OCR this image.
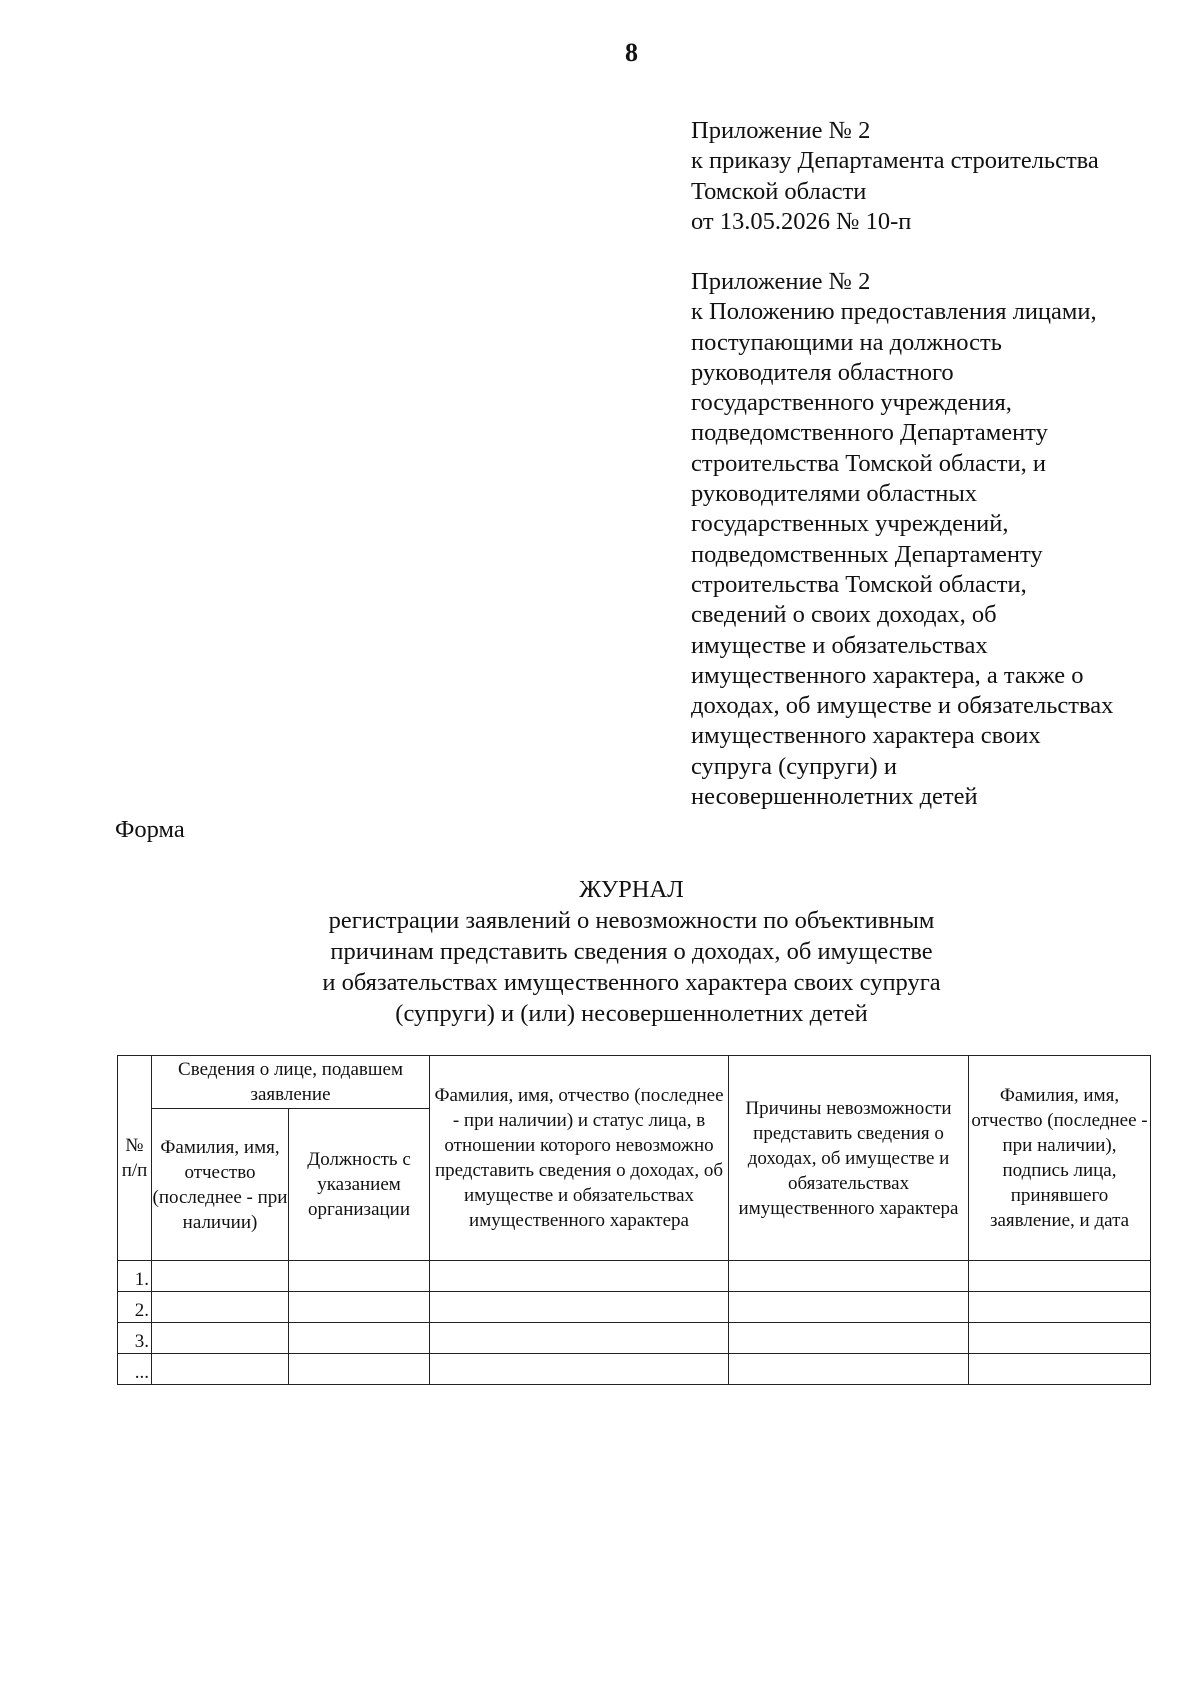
8
Приложение № 2
к приказу Департамента строительства
Томской области
от 13.05.2026 № 10-п
Приложение № 2
к Положению предоставления лицами,
поступающими на должность
руководителя областного
государственного учреждения,
подведомственного Департаменту
строительства Томской области, и
руководителями областных
государственных учреждений,
подведомственных Департаменту
строительства Томской области,
сведений о своих доходах, об
имуществе и обязательствах
имущественного характера, а также о
доходах, об имуществе и обязательствах
имущественного характера своих
супруга (супруги) и
несовершеннолетних детей
Форма
ЖУРНАЛ
регистрации заявлений о невозможности по объективным
причинам представить сведения о доходах, об имуществе
и обязательствах имущественного характера своих супруга
(супруги) и (или) несовершеннолетних детей
№ п/п	Сведения о лице, подавшем заявление		Фамилия, имя, отчество (последнее - при наличии) и статус лица, в отношении которого невозможно представить сведения о доходах, об имуществе и обязательствах имущественного характера	Причины невозможности представить сведения о доходах, об имуществе и обязательствах имущественного характера	Фамилия, имя, отчество (последнее - при наличии), подпись лица, принявшего заявление, и дата
	Фамилия, имя, отчество (последнее - при наличии)	Должность с указанием организации			
1.					
2.					
3.					
...					
